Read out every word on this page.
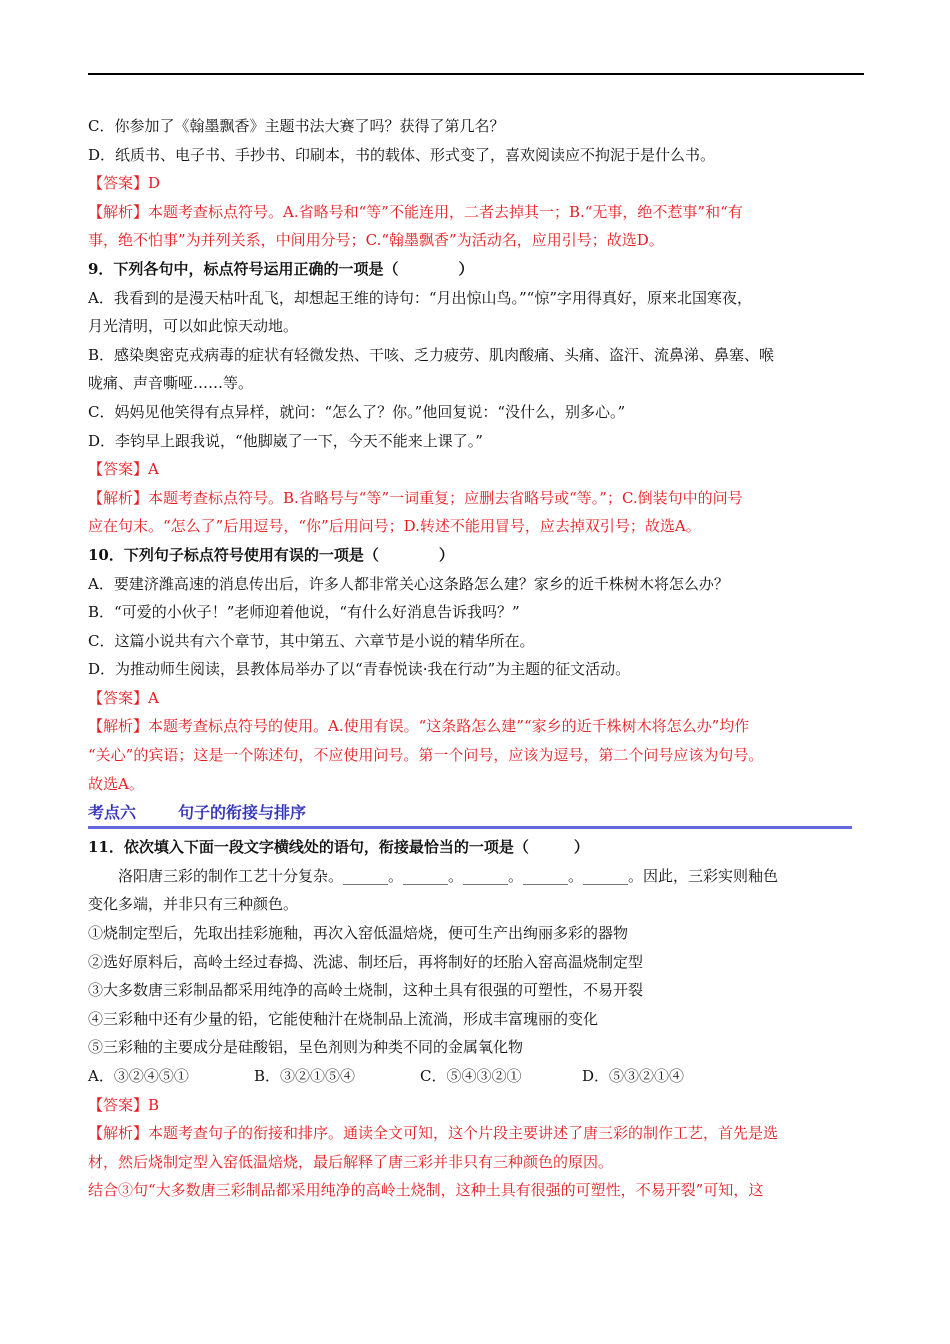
C．你参加了《翰墨飘香》主题书法大赛了吗？获得了第几名？
D．纸质书、电子书、手抄书、印刷本，书的载体、形式变了，喜欢阅读应不拘泥于是什么书。
【答案】D
【解析】本题考查标点符号。A.省略号和“等”不能连用，二者去掉其一；B.“无事，绝不惹事”和“有
事，绝不怕事”为并列关系，中间用分号；C.“翰墨飘香”为活动名，应用引号；故选D。
9．下列各句中，标点符号运用正确的一项是（　　　　）
A．我看到的是漫天枯叶乱飞，却想起王维的诗句：“月出惊山鸟。”“惊”字用得真好，原来北国寒夜，
月光清明，可以如此惊天动地。
B．感染奥密克戎病毒的症状有轻微发热、干咳、乏力疲劳、肌肉酸痛、头痛、盗汗、流鼻涕、鼻塞、喉
咙痛、声音嘶哑……等。
C．妈妈见他笑得有点异样，就问：“怎么了？你。”他回复说：“没什么，别多心。”
D．李钧早上跟我说，“他脚崴了一下，今天不能来上课了。”
【答案】A
【解析】本题考查标点符号。B.省略号与“等”一词重复；应删去省略号或“等。”；C.倒装句中的问号
应在句末。“怎么了”后用逗号，“你”后用问号；D.转述不能用冒号，应去掉双引号；故选A。
10．下列句子标点符号使用有误的一项是（　　　　）
A．要建济潍高速的消息传出后，许多人都非常关心这条路怎么建？家乡的近千株树木将怎么办？
B．“可爱的小伙子！”老师迎着他说，“有什么好消息告诉我吗？”
C．这篇小说共有六个章节，其中第五、六章节是小说的精华所在。
D．为推动师生阅读，县教体局举办了以“青春悦读·我在行动”为主题的征文活动。
【答案】A
【解析】本题考查标点符号的使用。A.使用有误。“这条路怎么建”“家乡的近千株树木将怎么办”均作
“关心”的宾语；这是一个陈述句，不应使用问号。第一个问号，应该为逗号，第二个问号应该为句号。
故选A。
考点六	句子的衔接与排序
11．依次填入下面一段文字横线处的语句，衔接最恰当的一项是（　　　）
洛阳唐三彩的制作工艺十分复杂。______。______。______。______。______。因此，三彩实则釉色
变化多端，并非只有三种颜色。
①烧制定型后，先取出挂彩施釉，再次入窑低温焙烧，便可生产出绚丽多彩的器物
②选好原料后，高岭土经过春捣、洗滤、制坯后，再将制好的坯胎入窑高温烧制定型
③大多数唐三彩制品都采用纯净的高岭土烧制，这种土具有很强的可塑性，不易开裂
④三彩釉中还有少量的铅，它能使釉汁在烧制品上流淌，形成丰富瑰丽的变化
⑤三彩釉的主要成分是硅酸铝，呈色剂则为种类不同的金属氧化物
A．③②④⑤①	B．③②①⑤④	C．⑤④③②①	D．⑤③②①④
【答案】B
【解析】本题考查句子的衔接和排序。通读全文可知，这个片段主要讲述了唐三彩的制作工艺，首先是选
材，然后烧制定型入窑低温焙烧，最后解释了唐三彩并非只有三种颜色的原因。
结合③句“大多数唐三彩制品都采用纯净的高岭土烧制，这种土具有很强的可塑性，不易开裂”可知，这
